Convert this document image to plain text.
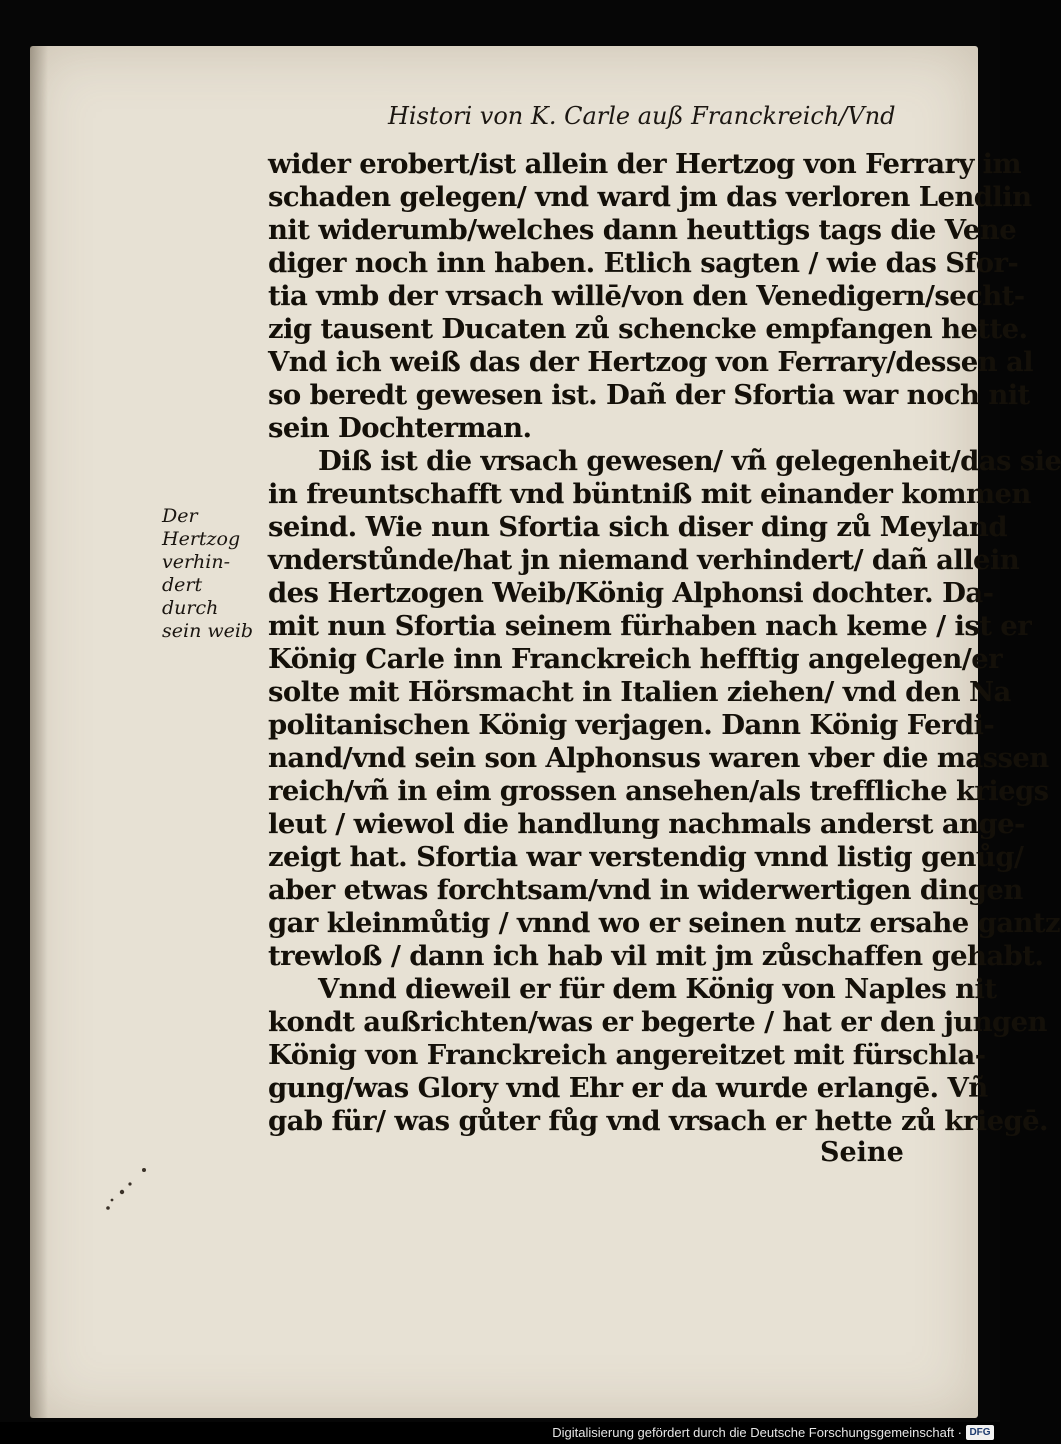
Histori von K. Carle auß Franckreich/Vnd
wider erobert/ist allein der Hertzog von Ferrary im
schaden gelegen/ vnd ward jm das verloren Lendlin
nit widerumb/welches dann heuttigs tags die Vene
diger noch inn haben. Etlich sagten / wie das Sfor-
tia vmb der vrsach willē/von den Venedigern/secht-
zig tausent Ducaten zů schencke empfangen hette.
Vnd ich weiß das der Hertzog von Ferrary/dessen al
so beredt gewesen ist. Dañ der Sfortia war noch nit
sein Dochterman.
Diß ist die vrsach gewesen/ vñ gelegenheit/das sie
in freuntschafft vnd büntniß mit einander kommen
seind. Wie nun Sfortia sich diser ding zů Meyland
vnderstůnde/hat jn niemand verhindert/ dañ allein
des Hertzogen Weib/König Alphonsi dochter. Da-
mit nun Sfortia seinem fürhaben nach keme / ist er
König Carle inn Franckreich hefftig angelegen/er
solte mit Hörsmacht in Italien ziehen/ vnd den Na
politanischen König verjagen. Dann König Ferdi-
nand/vnd sein son Alphonsus waren vber die massen
reich/vñ in eim grossen ansehen/als treffliche kriegs
leut / wiewol die handlung nachmals anderst ange-
zeigt hat. Sfortia war verstendig vnnd listig genůg/
aber etwas forchtsam/vnd in widerwertigen dingen
gar kleinmůtig / vnnd wo er seinen nutz ersahe gantz
trewloß / dann ich hab vil mit jm zůschaffen gehabt.
Vnnd dieweil er für dem König von Naples nit
kondt außrichten/was er begerte / hat er den jungen
König von Franckreich angereitzet mit fürschla-
gung/was Glory vnd Ehr er da wurde erlangē. Vñ
gab für/ was gůter fůg vnd vrsach er hette zů kriegē.
Seine
Der
Hertzog
verhin-
dert
durch
sein weib
Digitalisierung gefördert durch die Deutsche Forschungsgemeinschaft · DFG
